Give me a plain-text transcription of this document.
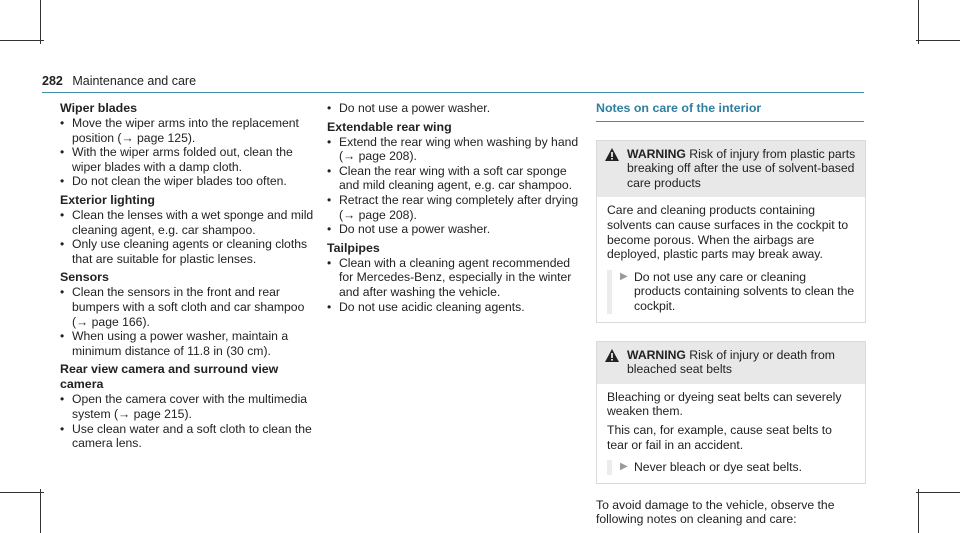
282 Maintenance and care
Wiper blades
• Move the wiper arms into the replacement position (→ page 125).
• With the wiper arms folded out, clean the wiper blades with a damp cloth.
• Do not clean the wiper blades too often.
Exterior lighting
• Clean the lenses with a wet sponge and mild cleaning agent, e.g. car shampoo.
• Only use cleaning agents or cleaning cloths that are suitable for plastic lenses.
Sensors
• Clean the sensors in the front and rear bumpers with a soft cloth and car shampoo (→ page 166).
• When using a power washer, maintain a minimum distance of 11.8 in (30 cm).
Rear view camera and surround view camera
• Open the camera cover with the multimedia system (→ page 215).
• Use clean water and a soft cloth to clean the camera lens.
• Do not use a power washer.
Extendable rear wing
• Extend the rear wing when washing by hand (→ page 208).
• Clean the rear wing with a soft car sponge and mild cleaning agent, e.g. car shampoo.
• Retract the rear wing completely after drying (→ page 208).
• Do not use a power washer.
Tailpipes
• Clean with a cleaning agent recommended for Mercedes-Benz, especially in the winter and after washing the vehicle.
• Do not use acidic cleaning agents.
Notes on care of the interior
WARNING Risk of injury from plastic parts breaking off after the use of solvent-based care products

Care and cleaning products containing solvents can cause surfaces in the cockpit to become porous. When the airbags are deployed, plastic parts may break away.

▶ Do not use any care or cleaning products containing solvents to clean the cockpit.
WARNING Risk of injury or death from bleached seat belts

Bleaching or dyeing seat belts can severely weaken them.

This can, for example, cause seat belts to tear or fail in an accident.

▶ Never bleach or dye seat belts.
To avoid damage to the vehicle, observe the following notes on cleaning and care:
